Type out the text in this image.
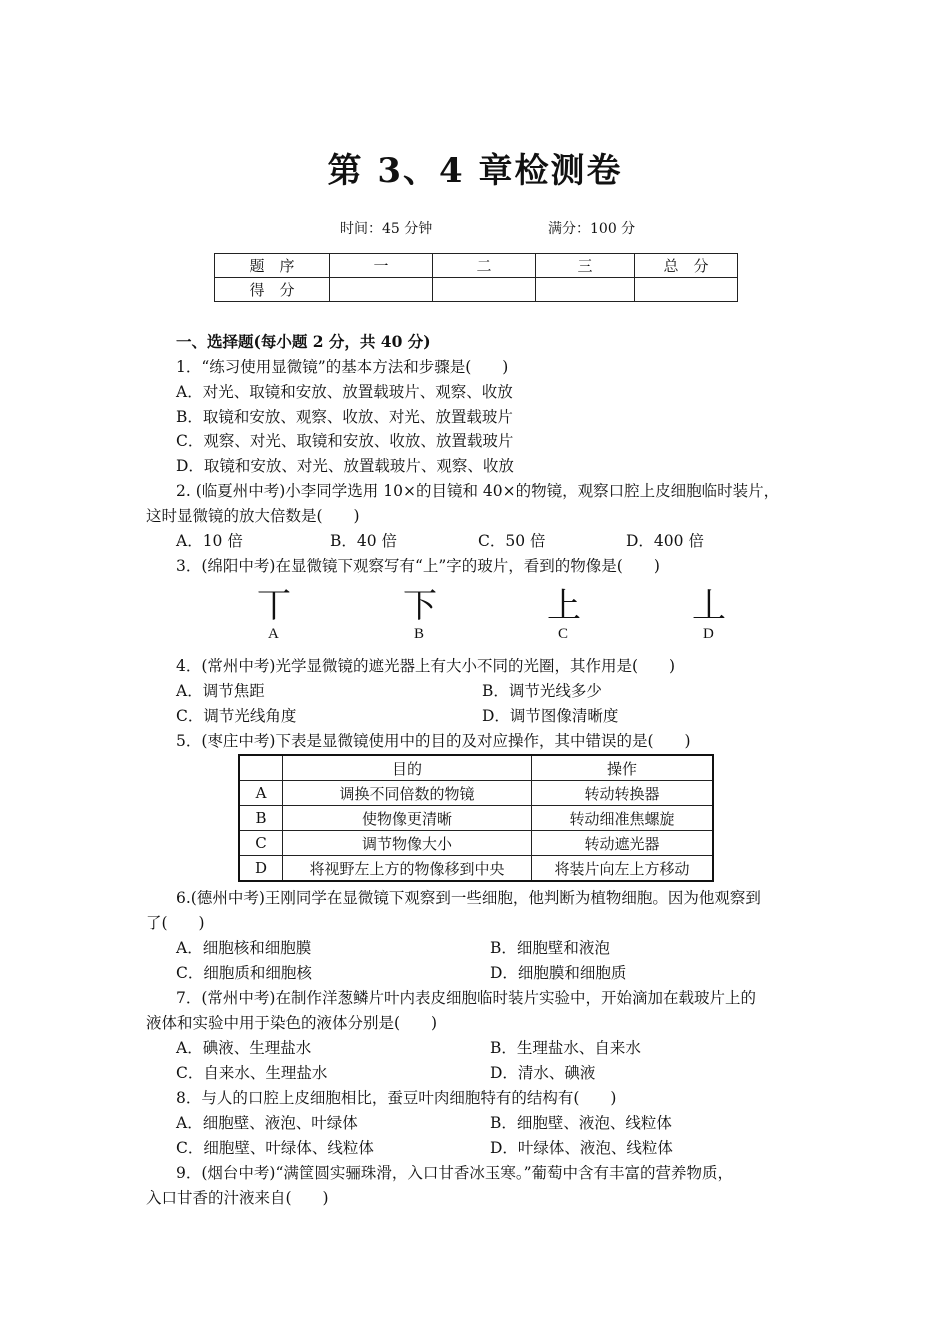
第 3、4 章检测卷
时间：45 分钟	满分：100 分
题　序	一	二	三	总　分
得　分				
一、选择题(每小题 2 分，共 40 分)
1．“练习使用显微镜”的基本方法和步骤是(　　)
A．对光、取镜和安放、放置载玻片、观察、收放
B．取镜和安放、观察、收放、对光、放置载玻片
C．观察、对光、取镜和安放、收放、放置载玻片
D．取镜和安放、对光、放置载玻片、观察、收放
2. (临夏州中考)小李同学选用 10×的目镜和 40×的物镜，观察口腔上皮细胞临时装片，
这时显微镜的放大倍数是(　　)
A．10 倍	B．40 倍	C．50 倍	D．400 倍
3．(绵阳中考)在显微镜下观察写有“上”字的玻片，看到的物像是(　　)
丅	下	上	丄
A	B	C	D
4．(常州中考)光学显微镜的遮光器上有大小不同的光圈，其作用是(　　)
A．调节焦距	B．调节光线多少
C．调节光线角度	D．调节图像清晰度
5．(枣庄中考)下表是显微镜使用中的目的及对应操作，其中错误的是(　　)
	目的	操作
A	调换不同倍数的物镜	转动转换器
B	使物像更清晰	转动细准焦螺旋
C	调节物像大小	转动遮光器
D	将视野左上方的物像移到中央	将装片向左上方移动
6.(德州中考)王刚同学在显微镜下观察到一些细胞，他判断为植物细胞。因为他观察到
了(　　)
A．细胞核和细胞膜	B．细胞壁和液泡
C．细胞质和细胞核	D．细胞膜和细胞质
7．(常州中考)在制作洋葱鳞片叶内表皮细胞临时装片实验中，开始滴加在载玻片上的
液体和实验中用于染色的液体分别是(　　)
A．碘液、生理盐水	B．生理盐水、自来水
C．自来水、生理盐水	D．清水、碘液
8．与人的口腔上皮细胞相比，蚕豆叶肉细胞特有的结构有(　　)
A．细胞壁、液泡、叶绿体	B．细胞壁、液泡、线粒体
C．细胞壁、叶绿体、线粒体	D．叶绿体、液泡、线粒体
9．(烟台中考)“满筐圆实骊珠滑，入口甘香冰玉寒。”葡萄中含有丰富的营养物质，
入口甘香的汁液来自(　　)
